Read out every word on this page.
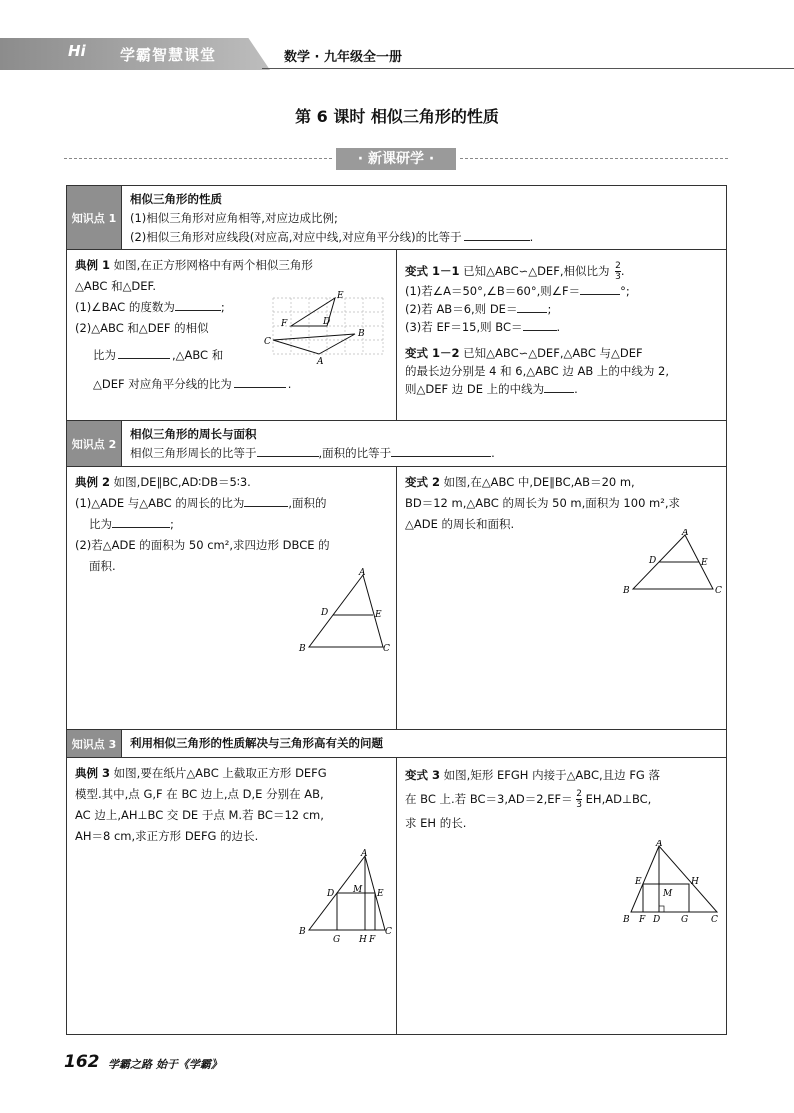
Hi 学霸智慧课堂	数学 · 九年级全一册
第 6 课时 相似三角形的性质
· 新课研学 ·
知识点 1
相似三角形的性质
(1)相似三角形对应角相等,对应边成比例;
(2)相似三角形对应线段(对应高,对应中线,对应角平分线)的比等于	.
典例 1 如图,在正方形网格中有两个相似三角形
△ABC 和△DEF.
(1)∠BAC 的度数为	;
(2)△ABC 和△DEF 的相似
比为	,△ABC 和
△DEF 对应角平分线的比为	.
E
F	D
C
B
A
变式 1－1 已知△ABC∽△DEF,相似比为 $\frac{2}{3}$ .
(1)若∠A＝50°,∠B＝60°,则∠F＝	°;
(2)若 AB＝6,则 DE＝	;
(3)若 EF＝15,则 BC＝	.
变式 1－2 已知△ABC∽△DEF,△ABC 与△DEF
的最长边分别是 4 和 6,△ABC 边 AB 上的中线为 2,
则△DEF 边 DE 上的中线为	.
知识点 2
相似三角形的周长与面积
相似三角形周长的比等于	,面积的比等于	.
典例 2 如图,DE∥BC,AD∶DB＝5∶3.
(1)△ADE 与△ABC 的周长的比为	,面积的
比为	;
(2)若△ADE 的面积为 50 cm²,求四边形 DBCE 的
面积.	A
D	E
B	C
变式 2 如图,在△ABC 中,DE∥BC,AB＝20 m,
BD＝12 m,△ABC 的周长为 50 m,面积为 100 m²,求
△ADE 的周长和面积.
A
D	E
B	C
知识点 3	利用相似三角形的性质解决与三角形高有关的问题
典例 3 如图,要在纸片△ABC 上截取正方形 DEFG
模型.其中,点 G,F 在 BC 边上,点 D,E 分别在 AB,
AC 边上,AH⊥BC 交 DE 于点 M.若 BC＝12 cm,
AH＝8 cm,求正方形 DEFG 的边长.
A
D M E
B
G H F
C
变式 3 如图,矩形 EFGH 内接于△ABC,且边 FG 落
在 BC 上.若 $BC=3,AD=2,EF= \frac{2}{3}$ EH,AD⊥BC,
求 EH 的长.
A
E	H
M
B F D G	C
162 学霸之路 始于《学霸》
